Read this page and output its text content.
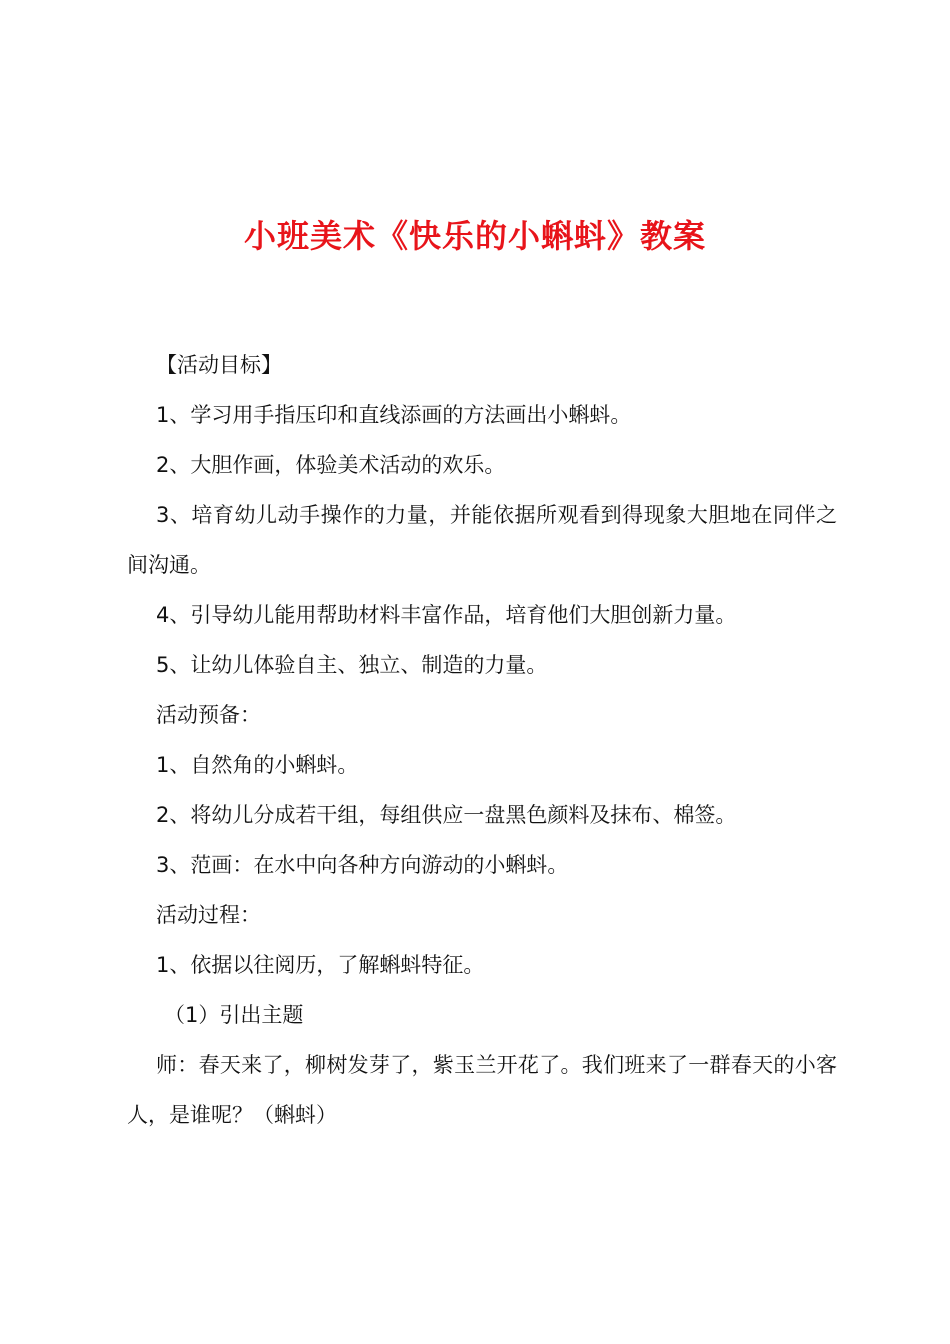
小班美术《快乐的小蝌蚪》教案

【活动目标】

1、学习用手指压印和直线添画的方法画出小蝌蚪。

2、大胆作画，体验美术活动的欢乐。

3、培育幼儿动手操作的力量，并能依据所观看到得现象大胆地在同伴之间沟通。

4、引导幼儿能用帮助材料丰富作品，培育他们大胆创新力量。

5、让幼儿体验自主、独立、制造的力量。

活动预备：

1、自然角的小蝌蚪。

2、将幼儿分成若干组，每组供应一盘黑色颜料及抹布、棉签。

3、范画：在水中向各种方向游动的小蝌蚪。

活动过程：

1、依据以往阅历，了解蝌蚪特征。

（1）引出主题

师：春天来了，柳树发芽了，紫玉兰开花了。我们班来了一群春天的小客人，是谁呢？（蝌蚪）
